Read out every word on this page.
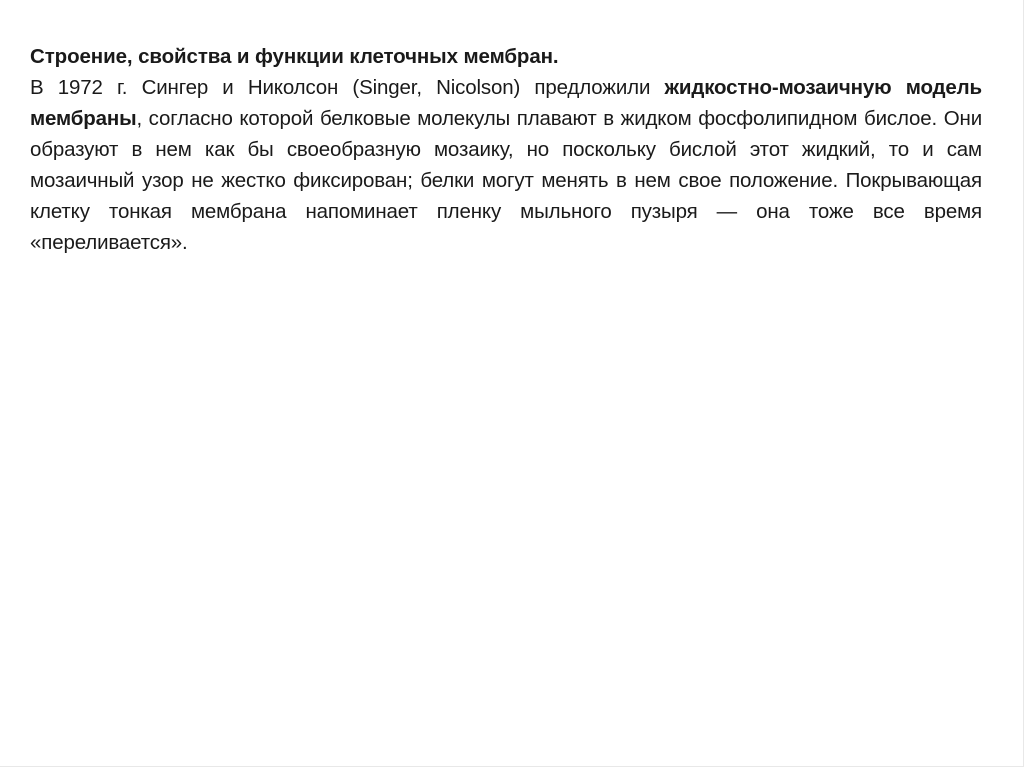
Строение, свойства и функции клеточных мембран.

В 1972 г. Сингер и Николсон (Singer, Nicolson) предложили жидкостно-мозаичную модель мембраны, согласно которой белковые молекулы плавают в жидком фосфолипидном бислое. Они образуют в нем как бы своеобразную мозаику, но поскольку бислой этот жидкий, то и сам мозаичный узор не жестко фиксирован; белки могут менять в нем свое положение. Покрывающая клетку тонкая мембрана напоминает пленку мыльного пузыря — она тоже все время «переливается».
